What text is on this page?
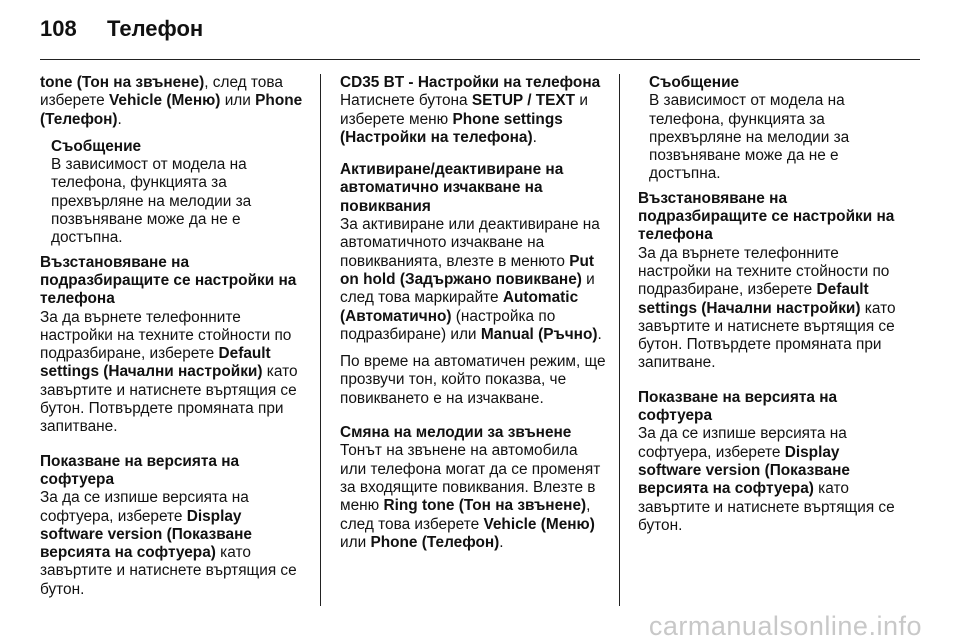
108 Телефон

tone (Тон на звънене), след това изберете Vehicle (Меню) или Phone (Телефон).

Съобщение

В зависимост от модела на телефона, функцията за прехвърляне на мелодии за позвъняване може да не е достъпна.

Възстановяване на подразбиращите се настройки на телефона

За да върнете телефонните настройки на техните стойности по подразбиране, изберете Default settings (Начални настройки) като завъртите и натиснете въртящия се бутон. Потвърдете промяната при запитване.

Показване на версията на софтуера

За да се изпише версията на софтуера, изберете Display software version (Показване версията на софтуера) като завъртите и натиснете въртящия се бутон.

CD35 BT - Настройки на телефона

Натиснете бутона SETUP / TEXT и изберете меню Phone settings (Настройки на телефона).

Активиране/деактивиране на автоматично изчакване на повиквания

За активиране или деактивиране на автоматичното изчакване на повикванията, влезте в менюто Put on hold (Задържано повикване) и след това маркирайте Automatic (Автоматично) (настройка по подразбиране) или Manual (Ръчно).

По време на автоматичен режим, ще прозвучи тон, който показва, че повикването е на изчакване.

Смяна на мелодии за звънене

Тонът на звънене на автомобила или телефона могат да се променят за входящите повиквания. Влезте в меню Ring tone (Тон на звънене), след това изберете Vehicle (Меню) или Phone (Телефон).

Съобщение

В зависимост от модела на телефона, функцията за прехвърляне на мелодии за позвъняване може да не е достъпна.

Възстановяване на подразбиращите се настройки на телефона

За да върнете телефонните настройки на техните стойности по подразбиране, изберете Default settings (Начални настройки) като завъртите и натиснете въртящия се бутон. Потвърдете промяната при запитване.

Показване на версията на софтуера

За да се изпише версията на софтуера, изберете Display software version (Показване версията на софтуера) като завъртите и натиснете въртящия се бутон.

carmanualsonline.info
